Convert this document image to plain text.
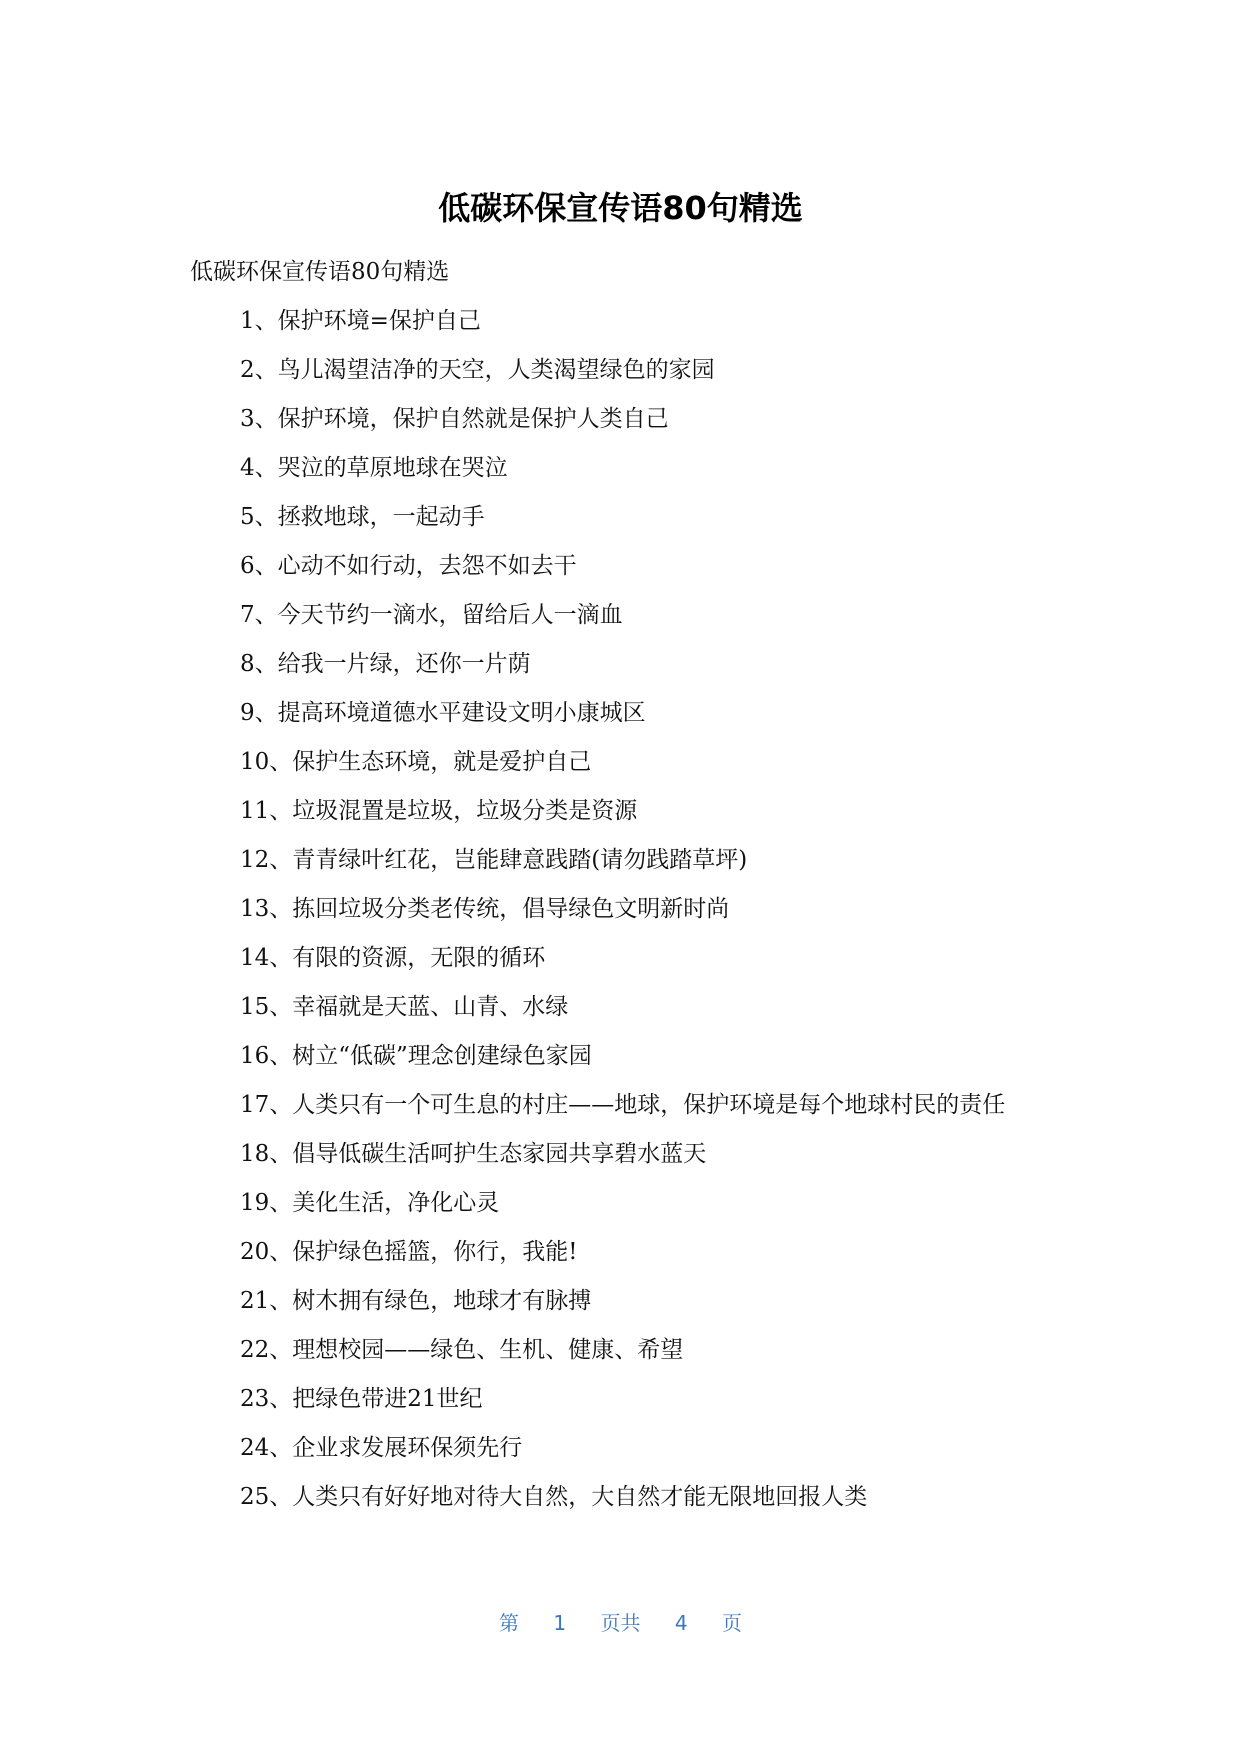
低碳环保宣传语80句精选
低碳环保宣传语80句精选
1、保护环境=保护自己
2、鸟儿渴望洁净的天空，人类渴望绿色的家园
3、保护环境，保护自然就是保护人类自己
4、哭泣的草原地球在哭泣
5、拯救地球，一起动手
6、心动不如行动，去怨不如去干
7、今天节约一滴水，留给后人一滴血
8、给我一片绿，还你一片荫
9、提高环境道德水平建设文明小康城区
10、保护生态环境，就是爱护自己
11、垃圾混置是垃圾，垃圾分类是资源
12、青青绿叶红花，岂能肆意践踏(请勿践踏草坪)
13、拣回垃圾分类老传统，倡导绿色文明新时尚
14、有限的资源，无限的循环
15、幸福就是天蓝、山青、水绿
16、树立“低碳”理念创建绿色家园
17、人类只有一个可生息的村庄——地球，保护环境是每个地球村民的责任
18、倡导低碳生活呵护生态家园共享碧水蓝天
19、美化生活，净化心灵
20、保护绿色摇篮，你行，我能!
21、树木拥有绿色，地球才有脉搏
22、理想校园——绿色、生机、健康、希望
23、把绿色带进21世纪
24、企业求发展环保须先行
25、人类只有好好地对待大自然，大自然才能无限地回报人类
第 1 页共 4 页
